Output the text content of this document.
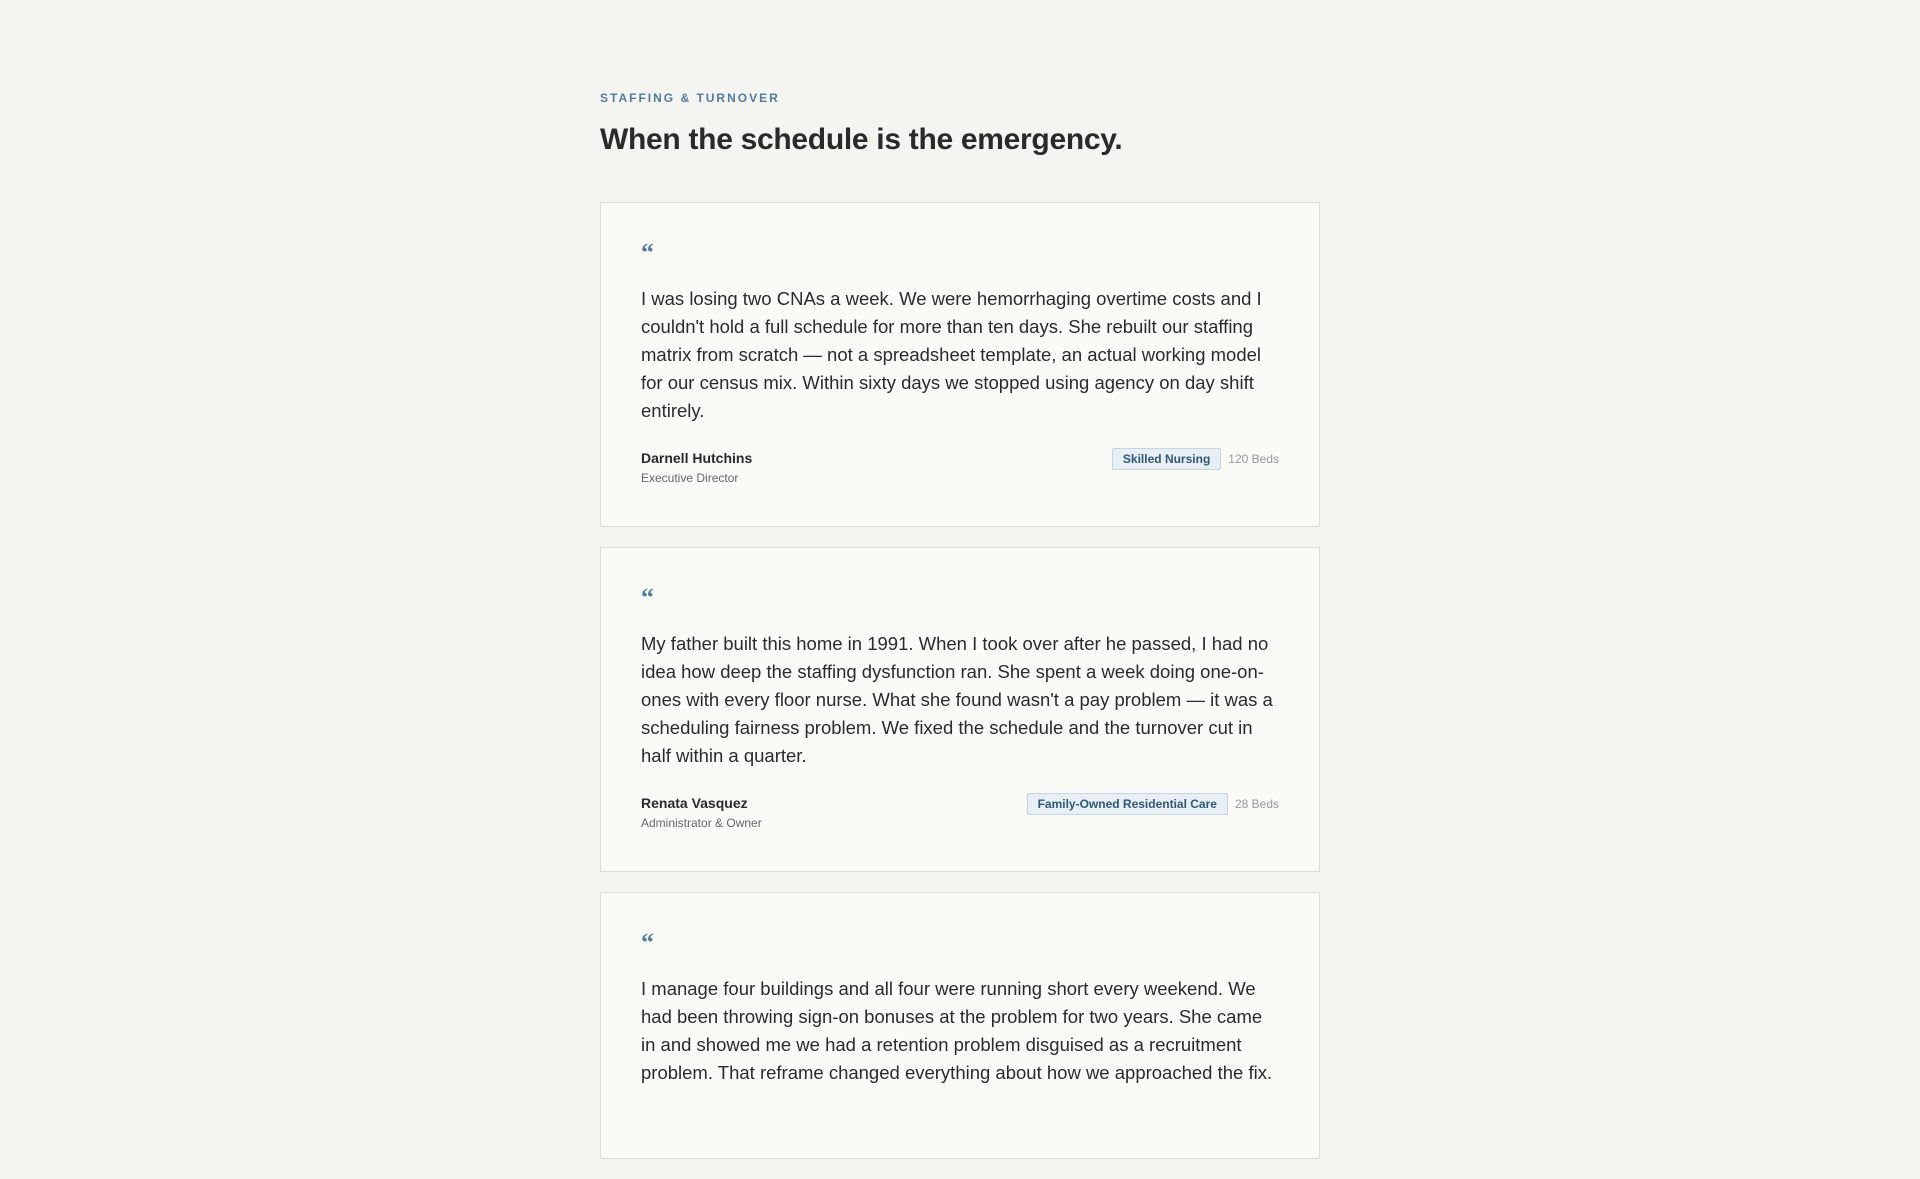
STAFFING & TURNOVER
When the schedule is the emergency.
“
I was losing two CNAs a week. We were hemorrhaging overtime costs and I couldn't hold a full schedule for more than ten days. She rebuilt our staffing matrix from scratch — not a spreadsheet template, an actual working model for our census mix. Within sixty days we stopped using agency on day shift entirely.
Darnell Hutchins
Executive Director
Skilled Nursing	120 Beds
“
My father built this home in 1991. When I took over after he passed, I had no idea how deep the staffing dysfunction ran. She spent a week doing one-on-ones with every floor nurse. What she found wasn't a pay problem — it was a scheduling fairness problem. We fixed the schedule and the turnover cut in half within a quarter.
Renata Vasquez
Administrator & Owner
Family-Owned Residential Care	28 Beds
“
I manage four buildings and all four were running short every weekend. We had been throwing sign-on bonuses at the problem for two years. She came in and showed me we had a retention problem disguised as a recruitment problem. That reframe changed everything about how we approached the fix.
